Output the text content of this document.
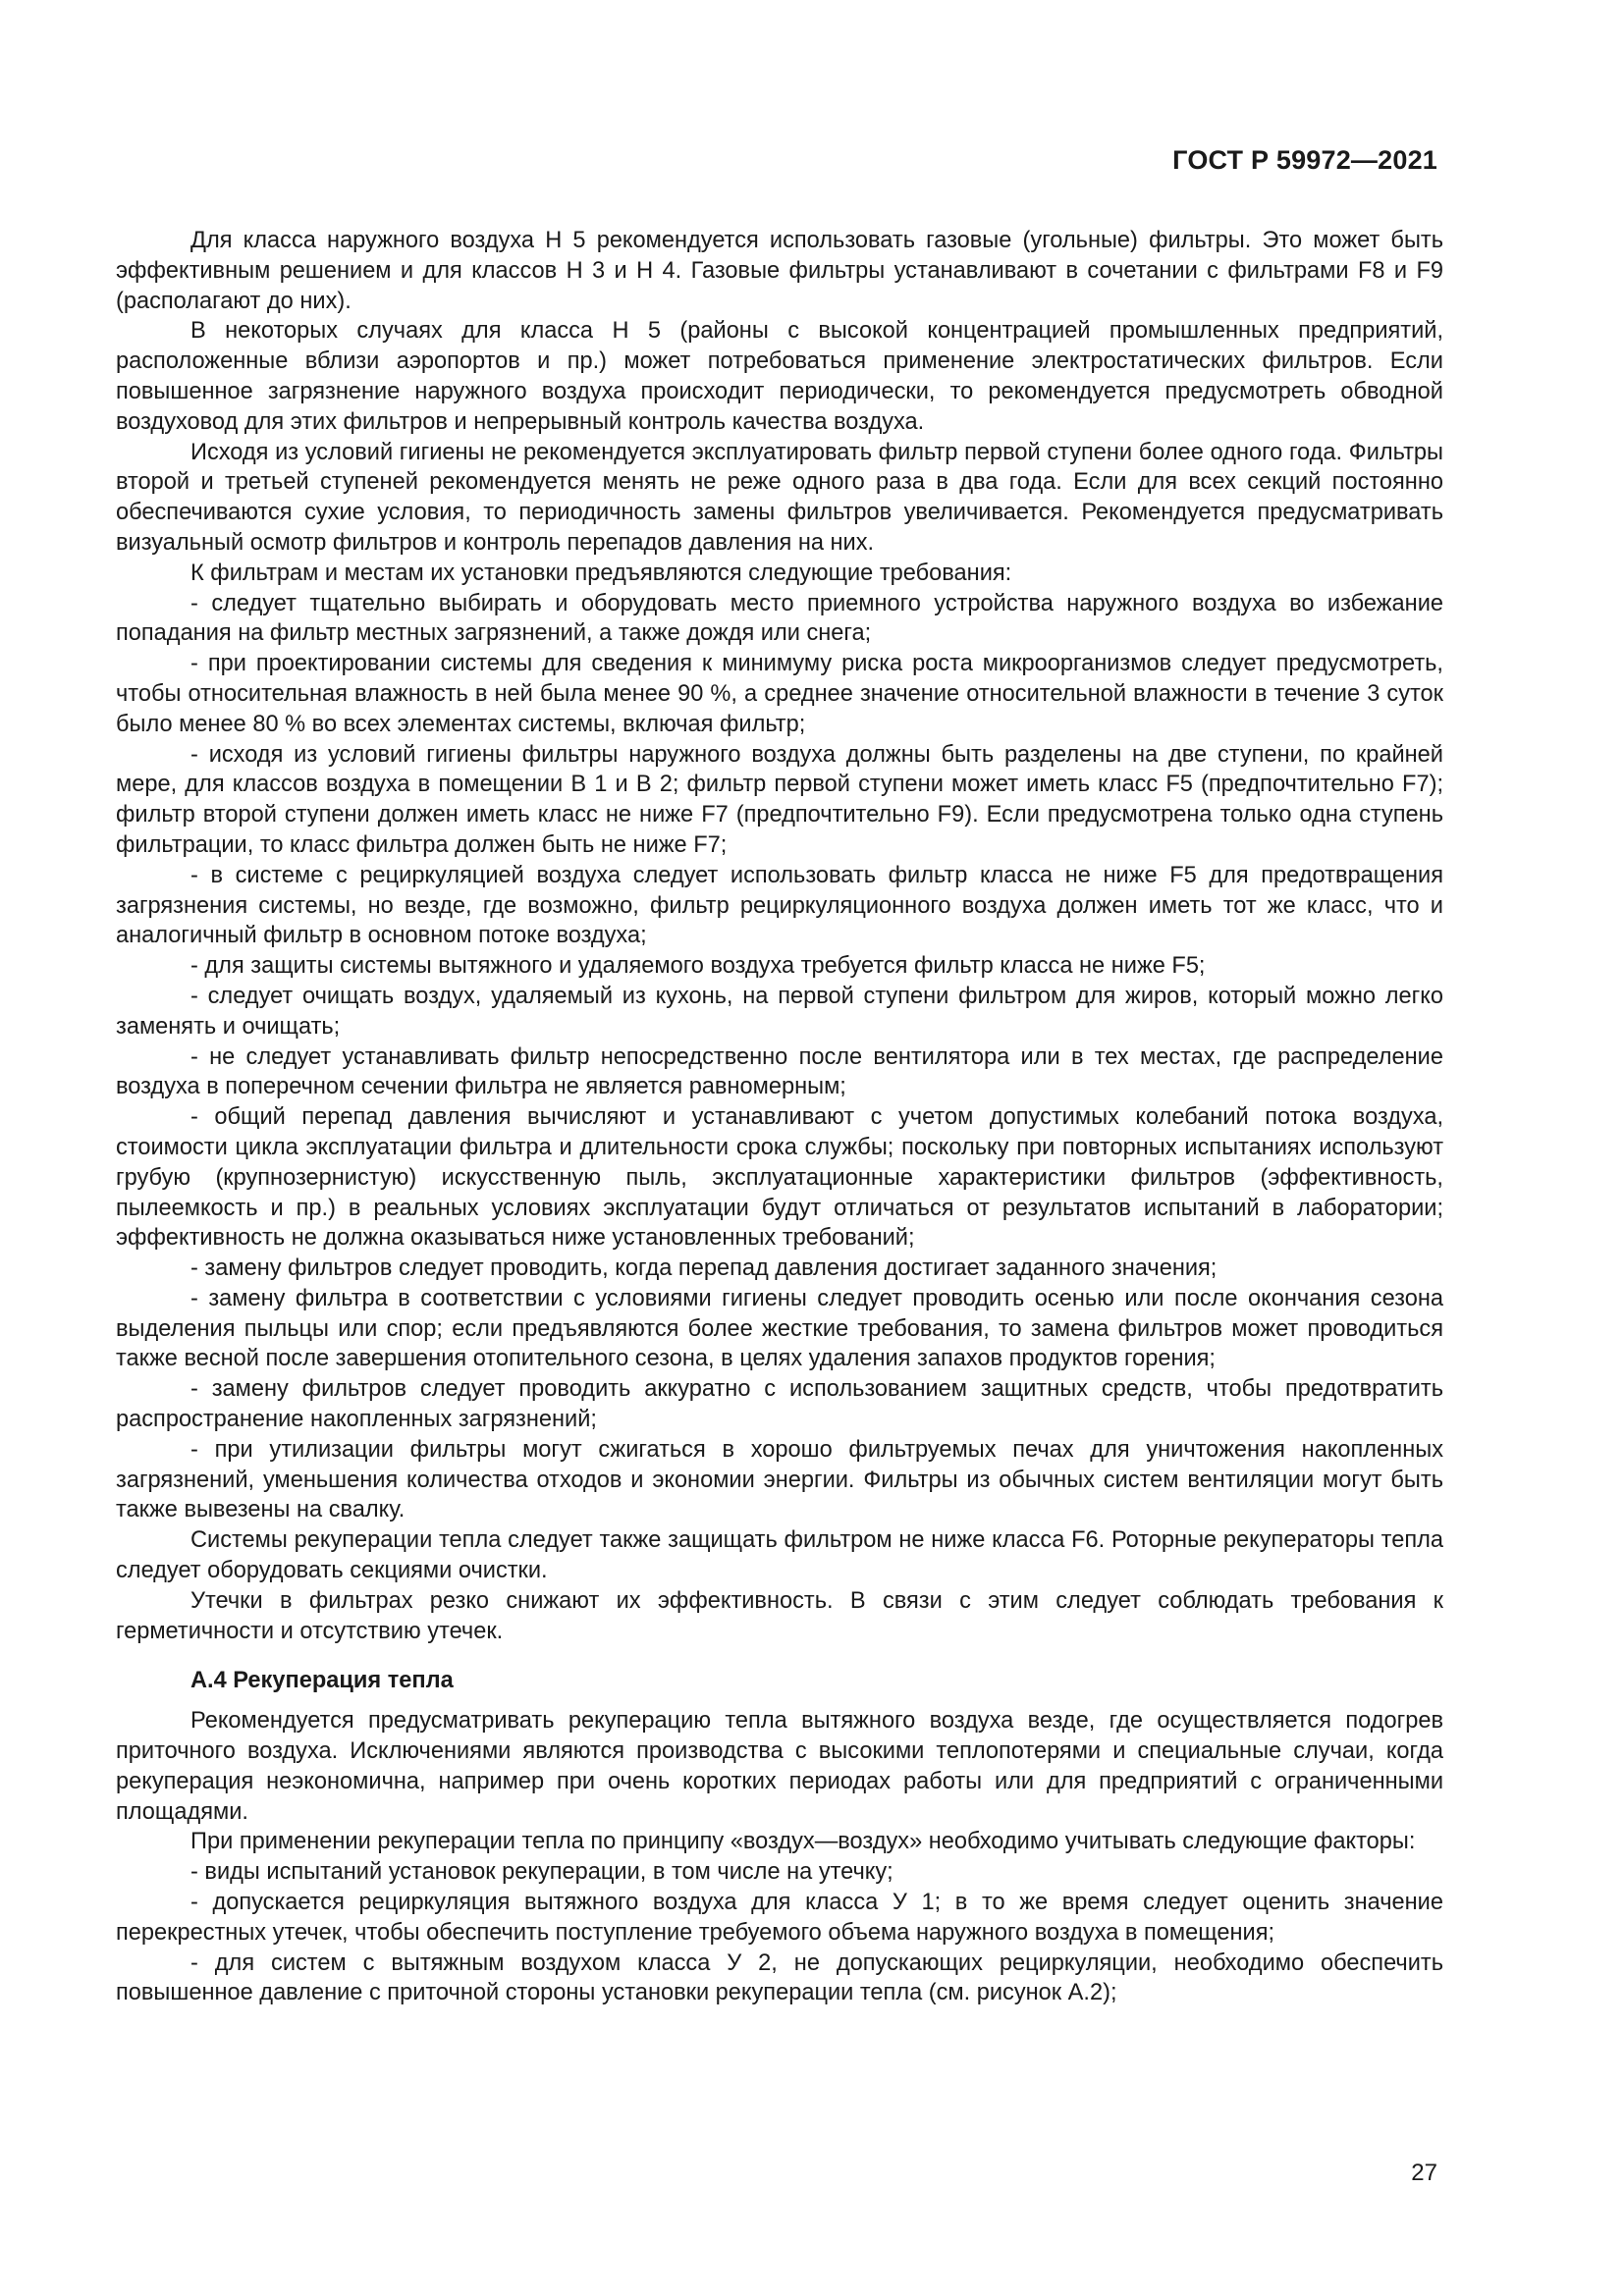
ГОСТ Р 59972—2021

Для класса наружного воздуха Н 5 рекомендуется использовать газовые (угольные) фильтры. Это может быть эффективным решением и для классов Н 3 и Н 4. Газовые фильтры устанавливают в сочетании с фильтрами F8 и F9 (располагают до них).

В некоторых случаях для класса Н 5 (районы с высокой концентрацией промышленных предприятий, расположенные вблизи аэропортов и пр.) может потребоваться применение электростатических фильтров. Если повышенное загрязнение наружного воздуха происходит периодически, то рекомендуется предусмотреть обводной воздуховод для этих фильтров и непрерывный контроль качества воздуха.

Исходя из условий гигиены не рекомендуется эксплуатировать фильтр первой ступени более одного года. Фильтры второй и третьей ступеней рекомендуется менять не реже одного раза в два года. Если для всех секций постоянно обеспечиваются сухие условия, то периодичность замены фильтров увеличивается. Рекомендуется предусматривать визуальный осмотр фильтров и контроль перепадов давления на них.

К фильтрам и местам их установки предъявляются следующие требования:

- следует тщательно выбирать и оборудовать место приемного устройства наружного воздуха во избежание попадания на фильтр местных загрязнений, а также дождя или снега;

- при проектировании системы для сведения к минимуму риска роста микроорганизмов следует предусмотреть, чтобы относительная влажность в ней была менее 90 %, а среднее значение относительной влажности в течение 3 суток было менее 80 % во всех элементах системы, включая фильтр;

- исходя из условий гигиены фильтры наружного воздуха должны быть разделены на две ступени, по крайней мере, для классов воздуха в помещении В 1 и В 2; фильтр первой ступени может иметь класс F5 (предпочтительно F7); фильтр второй ступени должен иметь класс не ниже F7 (предпочтительно F9). Если предусмотрена только одна ступень фильтрации, то класс фильтра должен быть не ниже F7;

- в системе с рециркуляцией воздуха следует использовать фильтр класса не ниже F5 для предотвращения загрязнения системы, но везде, где возможно, фильтр рециркуляционного воздуха должен иметь тот же класс, что и аналогичный фильтр в основном потоке воздуха;

- для защиты системы вытяжного и удаляемого воздуха требуется фильтр класса не ниже F5;

- следует очищать воздух, удаляемый из кухонь, на первой ступени фильтром для жиров, который можно легко заменять и очищать;

- не следует устанавливать фильтр непосредственно после вентилятора или в тех местах, где распределение воздуха в поперечном сечении фильтра не является равномерным;

- общий перепад давления вычисляют и устанавливают с учетом допустимых колебаний потока воздуха, стоимости цикла эксплуатации фильтра и длительности срока службы; поскольку при повторных испытаниях используют грубую (крупнозернистую) искусственную пыль, эксплуатационные характеристики фильтров (эффективность, пылеемкость и пр.) в реальных условиях эксплуатации будут отличаться от результатов испытаний в лаборатории; эффективность не должна оказываться ниже установленных требований;

- замену фильтров следует проводить, когда перепад давления достигает заданного значения;

- замену фильтра в соответствии с условиями гигиены следует проводить осенью или после окончания сезона выделения пыльцы или спор; если предъявляются более жесткие требования, то замена фильтров может проводиться также весной после завершения отопительного сезона, в целях удаления запахов продуктов горения;

- замену фильтров следует проводить аккуратно с использованием защитных средств, чтобы предотвратить распространение накопленных загрязнений;

- при утилизации фильтры могут сжигаться в хорошо фильтруемых печах для уничтожения накопленных загрязнений, уменьшения количества отходов и экономии энергии. Фильтры из обычных систем вентиляции могут быть также вывезены на свалку.

Системы рекуперации тепла следует также защищать фильтром не ниже класса F6. Роторные рекуператоры тепла следует оборудовать секциями очистки.

Утечки в фильтрах резко снижают их эффективность. В связи с этим следует соблюдать требования к герметичности и отсутствию утечек.

А.4 Рекуперация тепла

Рекомендуется предусматривать рекуперацию тепла вытяжного воздуха везде, где осуществляется подогрев приточного воздуха. Исключениями являются производства с высокими теплопотерями и специальные случаи, когда рекуперация неэкономична, например при очень коротких периодах работы или для предприятий с ограниченными площадями.

При применении рекуперации тепла по принципу «воздух—воздух» необходимо учитывать следующие факторы:

- виды испытаний установок рекуперации, в том числе на утечку;

- допускается рециркуляция вытяжного воздуха для класса У 1; в то же время следует оценить значение перекрестных утечек, чтобы обеспечить поступление требуемого объема наружного воздуха в помещения;

- для систем с вытяжным воздухом класса У 2, не допускающих рециркуляции, необходимо обеспечить повышенное давление с приточной стороны установки рекуперации тепла (см. рисунок А.2);

27
